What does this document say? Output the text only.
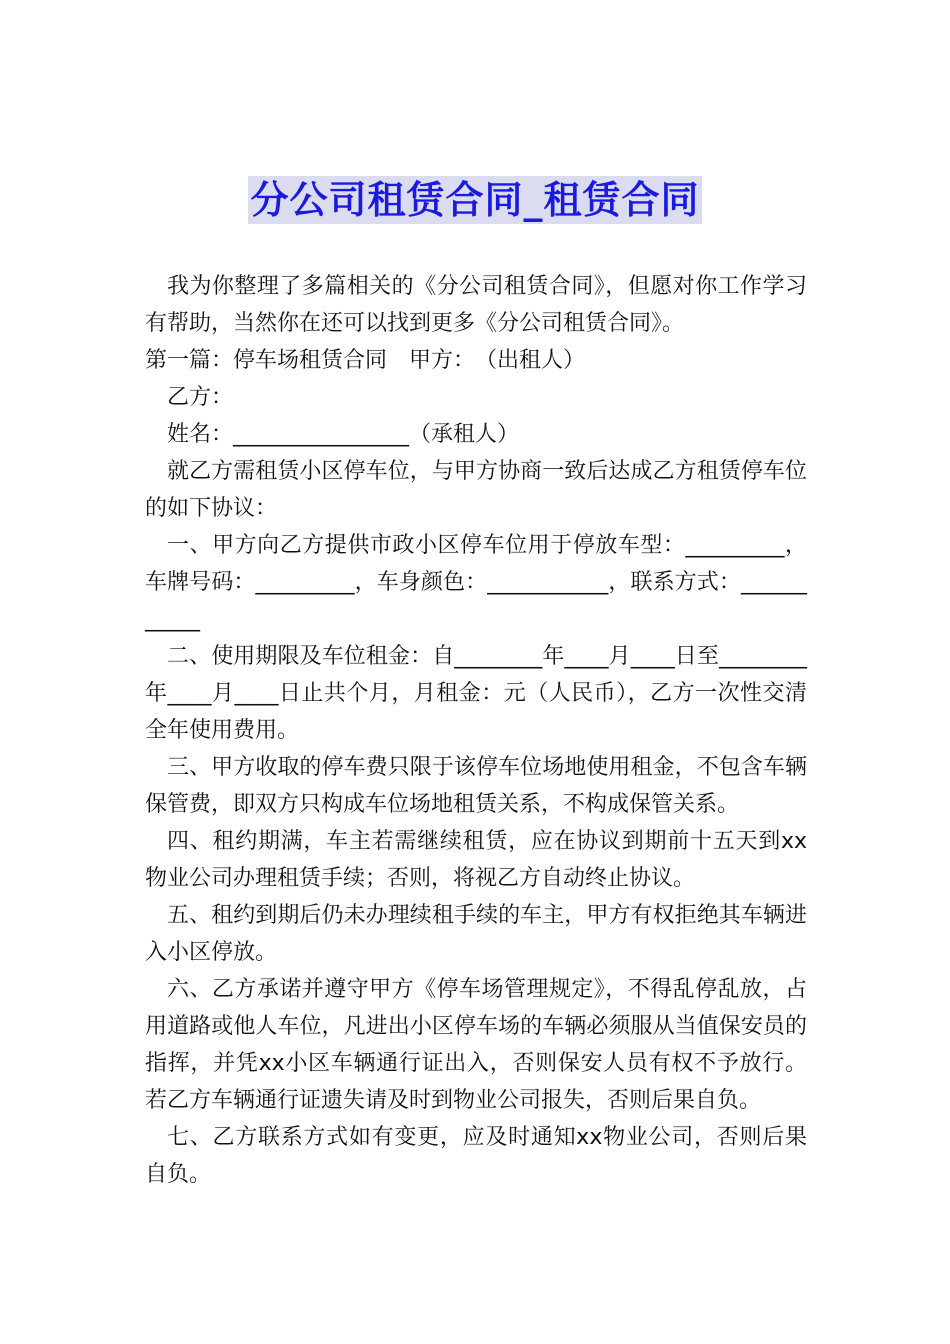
分公司租赁合同_租赁合同

我为你整理了多篇相关的《分公司租赁合同》，但愿对你工作学习有帮助，当然你在还可以找到更多《分公司租赁合同》。

第一篇：停车场租赁合同　甲方：　（出租人）

乙方：

姓名：________________（承租人）

就乙方需租赁小区停车位，与甲方协商一致后达成乙方租赁停车位的如下协议：

一、甲方向乙方提供市政小区停车位用于停放车型：_________，车牌号码：_________，车身颜色：___________，联系方式：___________

二、使用期限及车位租金：自________年____月____日至________年____月____日止共个月，月租金：元（人民币），乙方一次性交清全年使用费用。

三、甲方收取的停车费只限于该停车位场地使用租金，不包含车辆保管费，即双方只构成车位场地租赁关系，不构成保管关系。

四、租约期满，车主若需继续租赁，应在协议到期前十五天到xx物业公司办理租赁手续；否则，将视乙方自动终止协议。

五、租约到期后仍未办理续租手续的车主，甲方有权拒绝其车辆进入小区停放。

六、乙方承诺并遵守甲方《停车场管理规定》，不得乱停乱放，占用道路或他人车位，凡进出小区停车场的车辆必须服从当值保安员的指挥，并凭xx小区车辆通行证出入，否则保安人员有权不予放行。若乙方车辆通行证遗失请及时到物业公司报失，否则后果自负。

七、乙方联系方式如有变更，应及时通知xx物业公司，否则后果自负。
